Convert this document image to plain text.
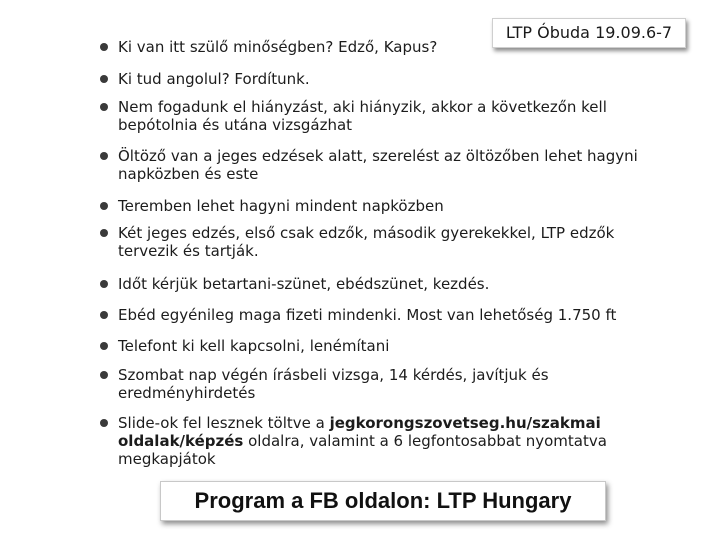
LTP Óbuda 19.09.6-7
Ki van itt szülő minőségben? Edző, Kapus?
Ki tud angolul? Fordítunk.
Nem fogadunk el hiányzást, aki hiányzik, akkor a következőn kell bepótolnia és utána vizsgázhat
Öltöző van a jeges edzések alatt, szerelést az öltözőben lehet hagyni napközben és este
Teremben lehet hagyni mindent napközben
Két jeges edzés, első csak edzők, második gyerekekkel, LTP edzők tervezik és tartják.
Időt kérjük betartani-szünet, ebédszünet, kezdés.
Ebéd egyénileg maga fizeti mindenki. Most van lehetőség 1.750 ft
Telefont ki kell kapcsolni, lenémítani
Szombat nap végén írásbeli vizsga, 14 kérdés, javítjuk és eredményhirdetés
Slide-ok fel lesznek töltve a jegkorongszovetseg.hu/szakmai oldalak/képzés oldalra, valamint a 6 legfontosabbat nyomtatva megkapjátok
Program a FB oldalon: LTP Hungary
